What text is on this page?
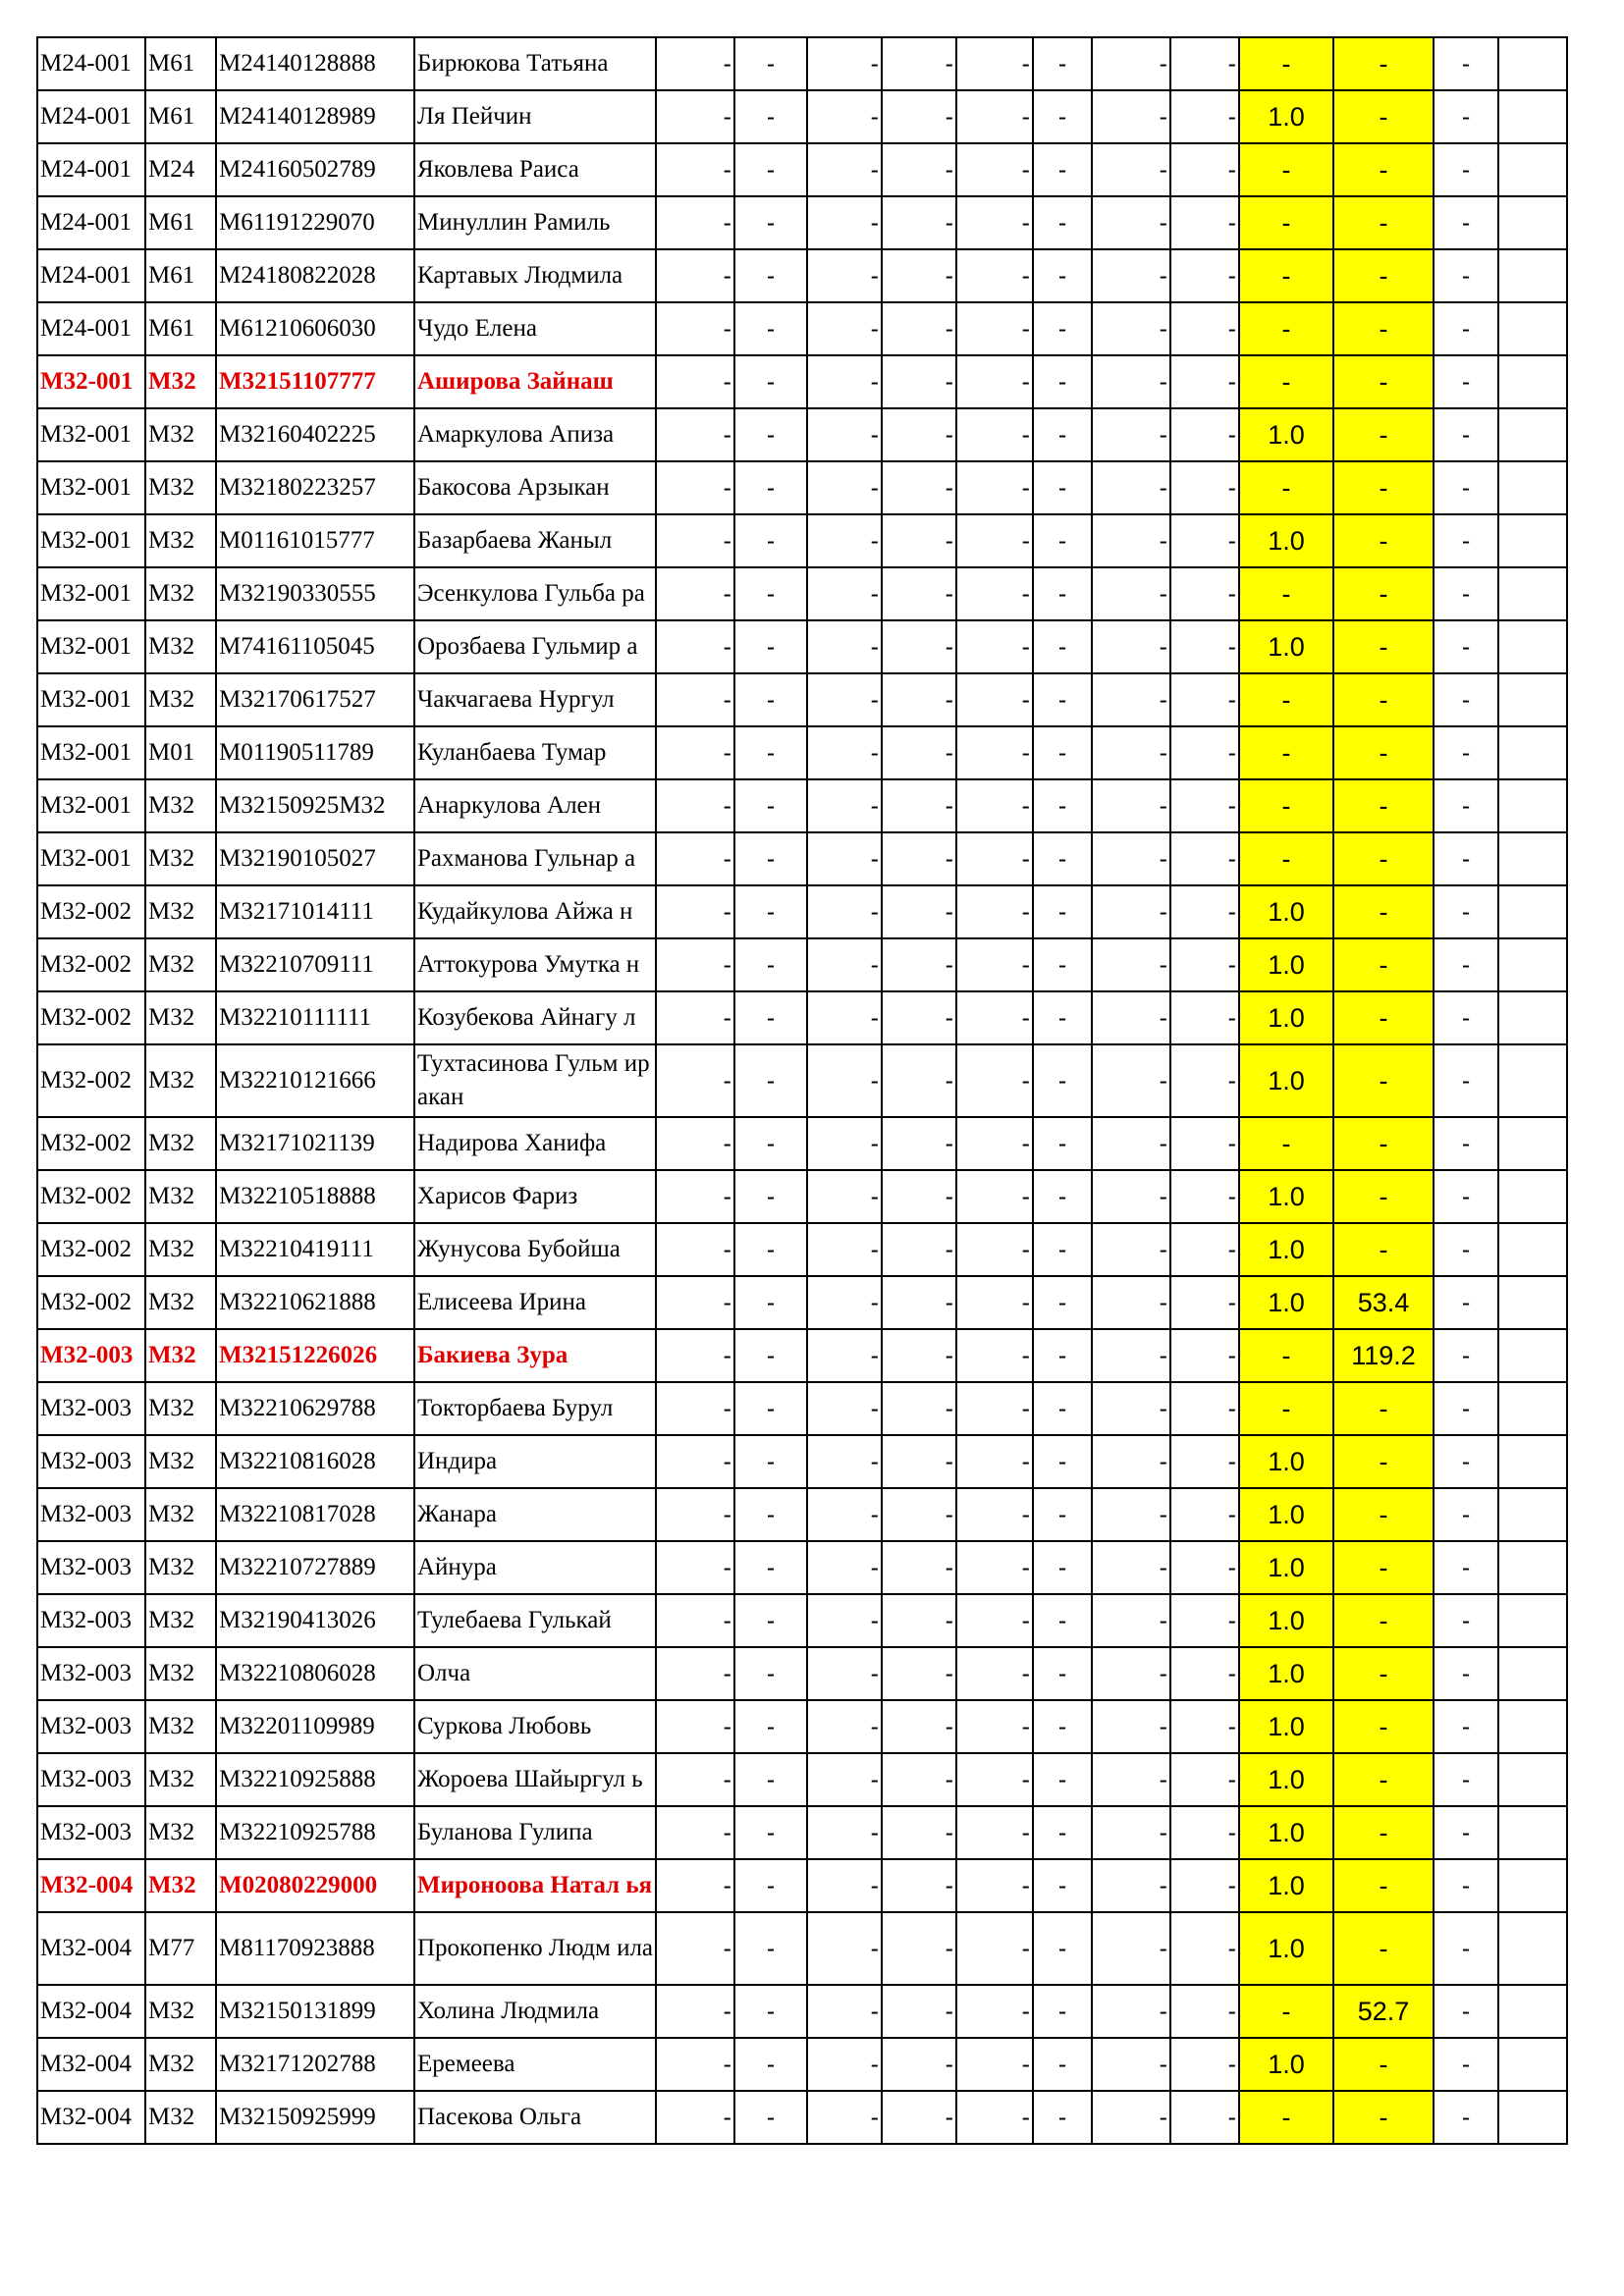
M24-001	M61	M24140128888	Бирюкова Татьяна	-	-	-	-	-	-	-	-	-	-	-	
M24-001	M61	M24140128989	Ля Пейчин	-	-	-	-	-	-	-	-	1.0	-	-	
M24-001	M24	M24160502789	Яковлева Раиса	-	-	-	-	-	-	-	-	-	-	-	
M24-001	M61	M61191229070	Минуллин Рамиль	-	-	-	-	-	-	-	-	-	-	-	
M24-001	M61	M24180822028	Картавых Людмила	-	-	-	-	-	-	-	-	-	-	-	
M24-001	M61	M61210606030	Чудо Елена	-	-	-	-	-	-	-	-	-	-	-	
M32-001	M32	M32151107777	Аширова Зайнаш	-	-	-	-	-	-	-	-	-	-	-	
M32-001	M32	M32160402225	Амаркулова Апиза	-	-	-	-	-	-	-	-	1.0	-	-	
M32-001	M32	M32180223257	Бакосова Арзыкан	-	-	-	-	-	-	-	-	-	-	-	
M32-001	M32	M01161015777	Базарбаева Жаныл	-	-	-	-	-	-	-	-	1.0	-	-	
M32-001	M32	M32190330555	Эсенкулова Гульба ра	-	-	-	-	-	-	-	-	-	-	-	
M32-001	M32	M74161105045	Орозбаева Гульмир а	-	-	-	-	-	-	-	-	1.0	-	-	
M32-001	M32	M32170617527	Чакчагаева Нургул	-	-	-	-	-	-	-	-	-	-	-	
M32-001	M01	M01190511789	Куланбаева Тумар	-	-	-	-	-	-	-	-	-	-	-	
M32-001	M32	M32150925M32	Анаркулова Ален	-	-	-	-	-	-	-	-	-	-	-	
M32-001	M32	M32190105027	Рахманова Гульнар а	-	-	-	-	-	-	-	-	-	-	-	
M32-002	M32	M32171014111	Кудайкулова Айжа н	-	-	-	-	-	-	-	-	1.0	-	-	
M32-002	M32	M32210709111	Аттокурова Умутка н	-	-	-	-	-	-	-	-	1.0	-	-	
M32-002	M32	M32210111111	Козубекова Айнагу л	-	-	-	-	-	-	-	-	1.0	-	-	
M32-002	M32	M32210121666	Тухтасинова Гульм иракан	-	-	-	-	-	-	-	-	1.0	-	-	
M32-002	M32	M32171021139	Надирова Ханифа	-	-	-	-	-	-	-	-	-	-	-	
M32-002	M32	M32210518888	Харисов Фариз	-	-	-	-	-	-	-	-	1.0	-	-	
M32-002	M32	M32210419111	Жунусова Бубойша	-	-	-	-	-	-	-	-	1.0	-	-	
M32-002	M32	M32210621888	Елисеева Ирина	-	-	-	-	-	-	-	-	1.0	53.4	-	
M32-003	M32	M32151226026	Бакиева Зура	-	-	-	-	-	-	-	-	-	119.2	-	
M32-003	M32	M32210629788	Токторбаева Бурул	-	-	-	-	-	-	-	-	-	-	-	
M32-003	M32	M32210816028	Индира	-	-	-	-	-	-	-	-	1.0	-	-	
M32-003	M32	M32210817028	Жанара	-	-	-	-	-	-	-	-	1.0	-	-	
M32-003	M32	M32210727889	Айнура	-	-	-	-	-	-	-	-	1.0	-	-	
M32-003	M32	M32190413026	Тулебаева Гулькай	-	-	-	-	-	-	-	-	1.0	-	-	
M32-003	M32	M32210806028	Олча	-	-	-	-	-	-	-	-	1.0	-	-	
M32-003	M32	M32201109989	Суркова Любовь	-	-	-	-	-	-	-	-	1.0	-	-	
M32-003	M32	M32210925888	Жороева Шайыргул ь	-	-	-	-	-	-	-	-	1.0	-	-	
M32-003	M32	M32210925788	Буланова Гулипа	-	-	-	-	-	-	-	-	1.0	-	-	
M32-004	M32	M02080229000	Мироноова Натал ья	-	-	-	-	-	-	-	-	1.0	-	-	
M32-004	M77	M81170923888	Прокопенко Людм ила	-	-	-	-	-	-	-	-	1.0	-	-	
M32-004	M32	M32150131899	Холина Людмила	-	-	-	-	-	-	-	-	-	52.7	-	
M32-004	M32	M32171202788	Еремеева	-	-	-	-	-	-	-	-	1.0	-	-	
M32-004	M32	M32150925999	Пасекова Ольга	-	-	-	-	-	-	-	-	-	-	-	
